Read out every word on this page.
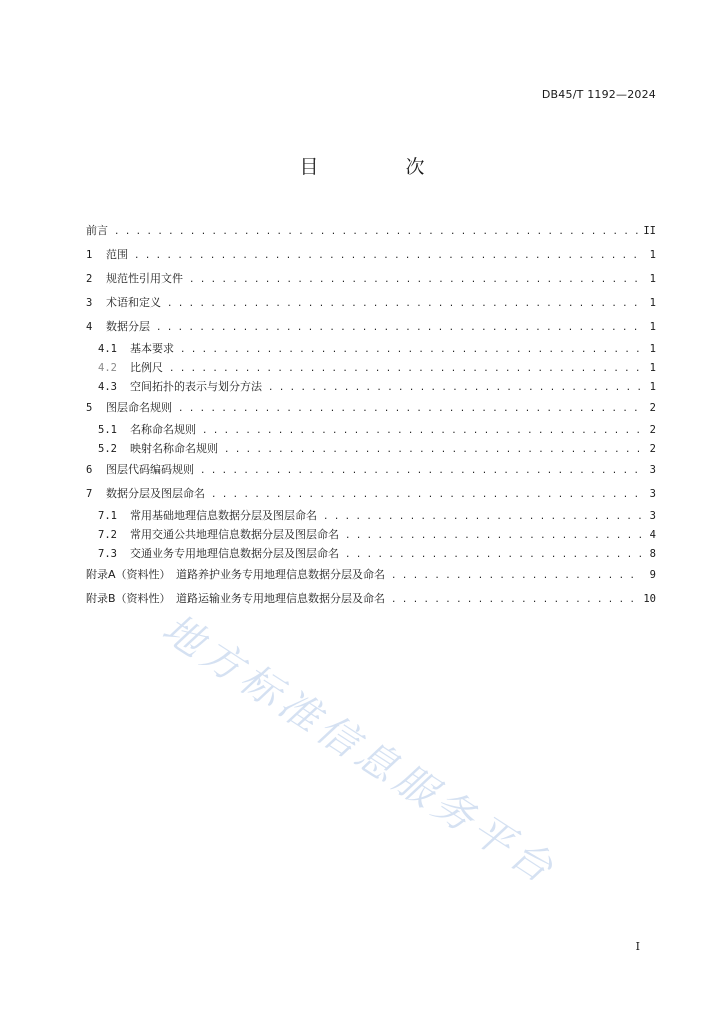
DB45/T 1192—2024
目　次
前言 . . .	II
1	范围 . . .	1
2	规范性引用文件 . . .	1
3	术语和定义 . . .	1
4	数据分层 . . .	1
4.1	基本要求 . . .	1
4.2	比例尺 . . .	1
4.3	空间拓扑的表示与划分方法 . . .	1
5	图层命名规则 . . .	2
5.1	名称命名规则 . . .	2
5.2	映射名称命名规则 . . .	2
6	图层代码编码规则 . . .	3
7	数据分层及图层命名 . . .	3
7.1	常用基础地理信息数据分层及图层命名 . . .	3
7.2	常用交通公共地理信息数据分层及图层命名 . . .	4
7.3	交通业务专用地理信息数据分层及图层命名 . . .	8
附录A（资料性）　道路养护业务专用地理信息数据分层及命名 . . .	9
附录B（资料性）　道路运输业务专用地理信息数据分层及命名 . . .	10
地方标准信息服务平台
I
